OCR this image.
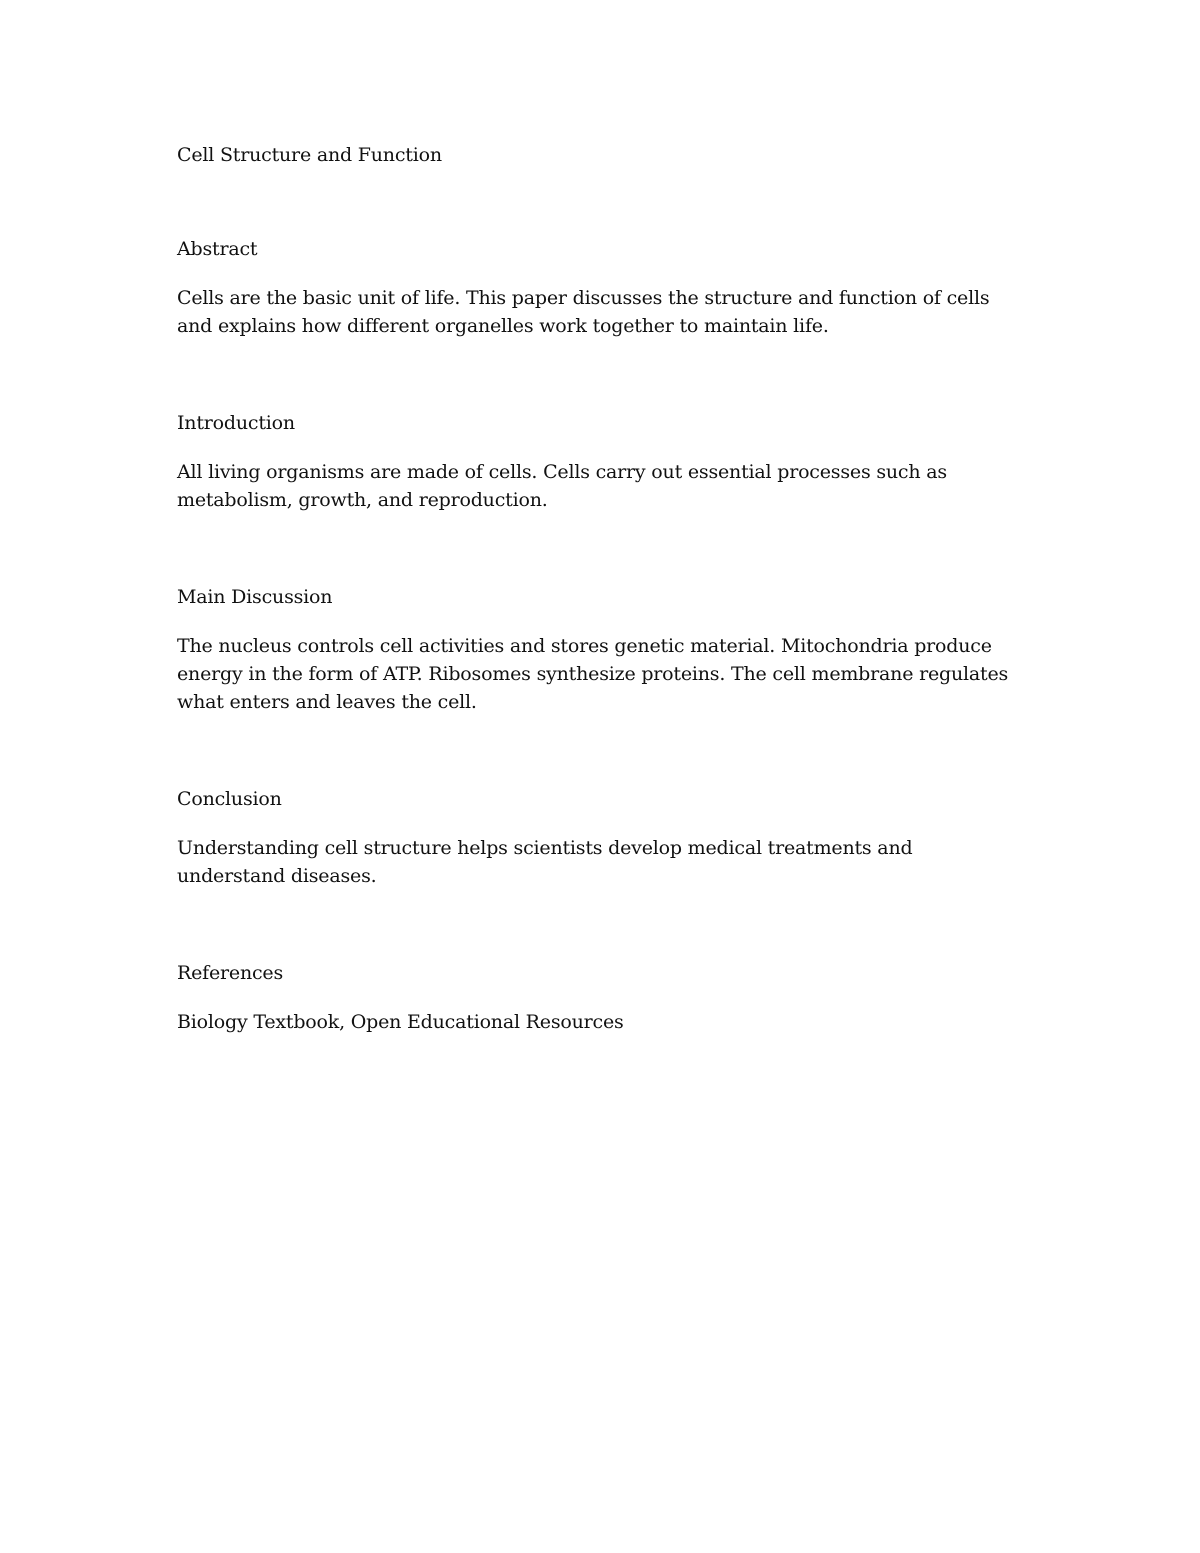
Cell Structure and Function
Abstract

Cells are the basic unit of life. This paper discusses the structure and function of cells and explains how different organelles work together to maintain life.

Introduction

All living organisms are made of cells. Cells carry out essential processes such as metabolism, growth, and reproduction.

Main Discussion

The nucleus controls cell activities and stores genetic material. Mitochondria produce energy in the form of ATP. Ribosomes synthesize proteins. The cell membrane regulates what enters and leaves the cell.

Conclusion

Understanding cell structure helps scientists develop medical treatments and understand diseases.

References

Biology Textbook, Open Educational Resources
